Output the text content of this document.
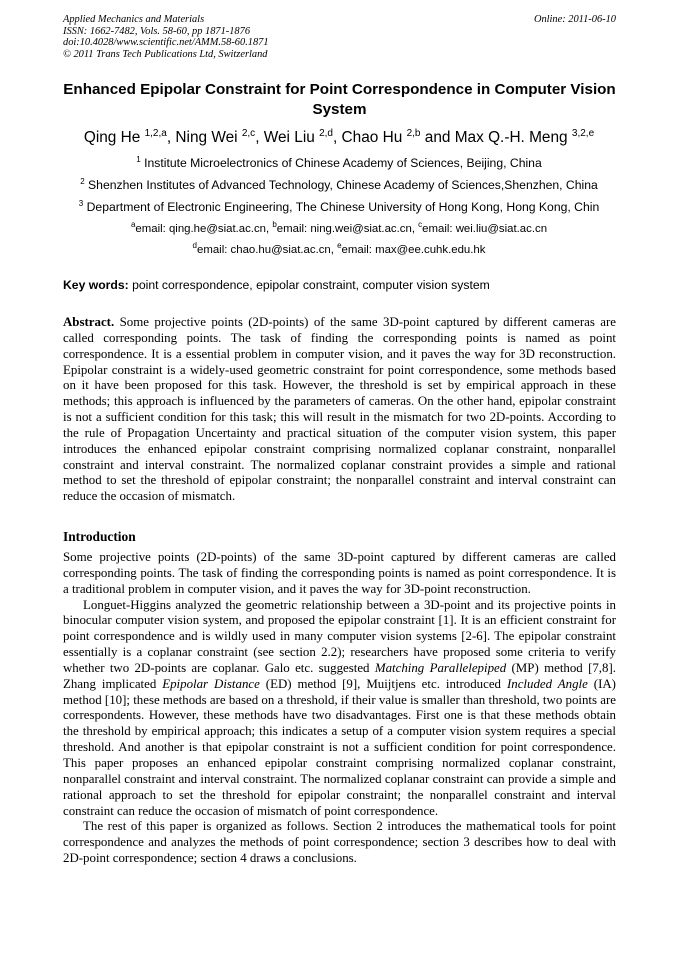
Applied Mechanics and Materials
ISSN: 1662-7482, Vols. 58-60, pp 1871-1876
doi:10.4028/www.scientific.net/AMM.58-60.1871
© 2011 Trans Tech Publications Ltd, Switzerland
Online: 2011-06-10
Enhanced Epipolar Constraint for Point Correspondence in Computer Vision System
Qing He $^{1,2,a}$, Ning Wei $^{2,c}$, Wei Liu $^{2,d}$, Chao Hu $^{2,b}$ and Max Q.-H. Meng $^{3,2,e}$
$^1$ Institute Microelectronics of Chinese Academy of Sciences, Beijing, China
$^2$ Shenzhen Institutes of Advanced Technology, Chinese Academy of Sciences,Shenzhen, China
$^3$ Department of Electronic Engineering, The Chinese University of Hong Kong, Hong Kong, Chin
$^a$email: qing.he@siat.ac.cn, $^b$email: ning.wei@siat.ac.cn, $^c$email: wei.liu@siat.ac.cn
$^d$email: chao.hu@siat.ac.cn, $^e$email: max@ee.cuhk.edu.hk
Key words: point correspondence, epipolar constraint, computer vision system
Abstract. Some projective points (2D-points) of the same 3D-point captured by different cameras are called corresponding points. The task of finding the corresponding points is named as point correspondence. It is a essential problem in computer vision, and it paves the way for 3D reconstruction. Epipolar constraint is a widely-used geometric constraint for point correspondence, some methods based on it have been proposed for this task. However, the threshold is set by empirical approach in these methods; this approach is influenced by the parameters of cameras. On the other hand, epipolar constraint is not a sufficient condition for this task; this will result in the mismatch for two 2D-points. According to the rule of Propagation Uncertainty and practical situation of the computer vision system, this paper introduces the enhanced epipolar constraint comprising normalized coplanar constraint, nonparallel constraint and interval constraint. The normalized coplanar constraint provides a simple and rational method to set the threshold of epipolar constraint; the nonparallel constraint and interval constraint can reduce the occasion of mismatch.
Introduction

Some projective points (2D-points) of the same 3D-point captured by different cameras are called corresponding points. The task of finding the corresponding points is named as point correspondence. It is a traditional problem in computer vision, and it paves the way for 3D-point reconstruction.

Longuet-Higgins analyzed the geometric relationship between a 3D-point and its projective points in binocular computer vision system, and proposed the epipolar constraint [1]. It is an efficient constraint for point correspondence and is wildly used in many computer vision systems [2-6]. The epipolar constraint essentially is a coplanar constraint (see section 2.2); researchers have proposed some criteria to verify whether two 2D-points are coplanar. Galo etc. suggested Matching Parallelepiped (MP) method [7,8]. Zhang implicated Epipolar Distance (ED) method [9], Muijtjens etc. introduced Included Angle (IA) method [10]; these methods are based on a threshold, if their value is smaller than threshold, two points are correspondents. However, these methods have two disadvantages. First one is that these methods obtain the threshold by empirical approach; this indicates a setup of a computer vision system requires a special threshold. And another is that epipolar constraint is not a sufficient condition for point correspondence. This paper proposes an enhanced epipolar constraint comprising normalized coplanar constraint, nonparallel constraint and interval constraint. The normalized coplanar constraint can provide a simple and rational approach to set the threshold for epipolar constraint; the nonparallel constraint and interval constraint can reduce the occasion of mismatch of point correspondence.

The rest of this paper is organized as follows. Section 2 introduces the mathematical tools for point correspondence and analyzes the methods of point correspondence; section 3 describes how to deal with 2D-point correspondence; section 4 draws a conclusions.
